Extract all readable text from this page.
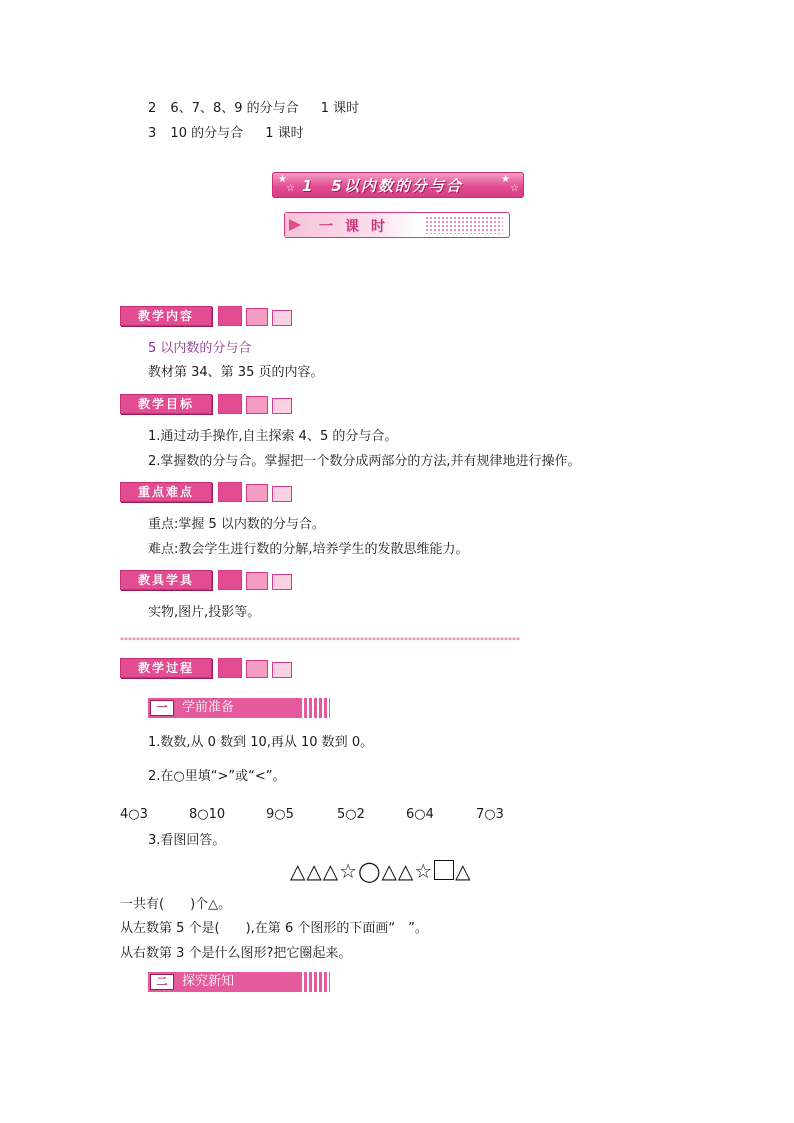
2 6、7、8、9 的分与合 1 课时
3 10 的分与合 1 课时
★
☆ 1　5以内数的分与合	★
☆
一课时
教学内容
5 以内数的分与合
教材第 34、第 35 页的内容。
教学目标
1.通过动手操作,自主探索 4、5 的分与合。
2.掌握数的分与合。掌握把一个数分成两部分的方法,并有规律地进行操作。
重点难点
重点:掌握 5 以内数的分与合。
难点:教会学生进行数的分解,培养学生的发散思维能力。
教具学具
实物,图片,投影等。
****************************************************************************************************
教学过程
一	学前准备
1.数数,从 0 数到 10,再从 10 数到 0。
2.在○里填“>”或“<”。
4○3	8○10	9○5	5○2	6○4	7○3
3.看图回答。
△△△☆◯△△☆ △
一共有(　　)个△。
从左数第 5 个是(　　),在第 6 个图形的下面画“　”。
从右数第 3 个是什么图形?把它圈起来。
二	探究新知
